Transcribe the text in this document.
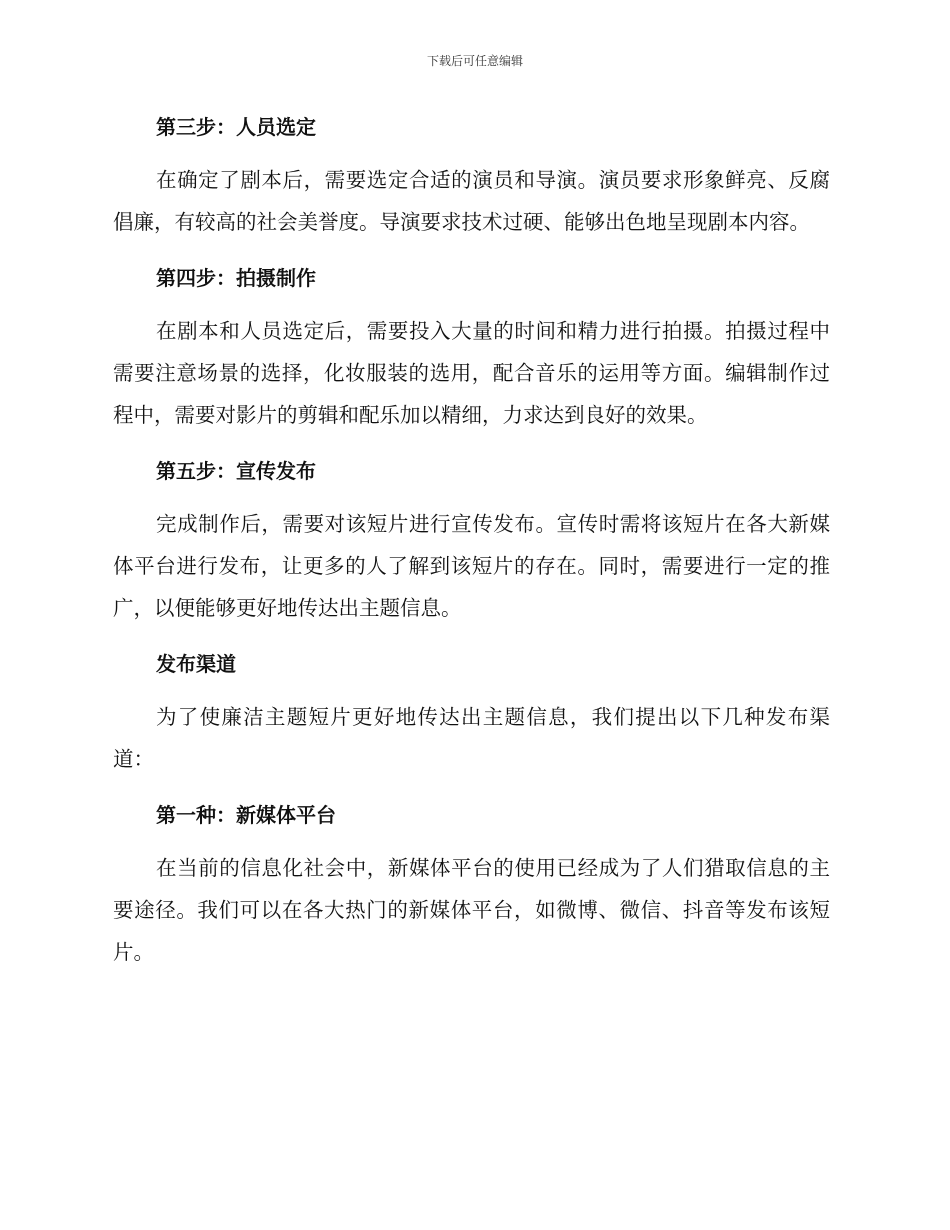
下载后可任意编辑
第三步：人员选定

在确定了剧本后，需要选定合适的演员和导演。演员要求形象鲜亮、反腐倡廉，有较高的社会美誉度。导演要求技术过硬、能够出色地呈现剧本内容。

第四步：拍摄制作

在剧本和人员选定后，需要投入大量的时间和精力进行拍摄。拍摄过程中需要注意场景的选择，化妆服装的选用，配合音乐的运用等方面。编辑制作过程中，需要对影片的剪辑和配乐加以精细，力求达到良好的效果。

第五步：宣传发布

完成制作后，需要对该短片进行宣传发布。宣传时需将该短片在各大新媒体平台进行发布，让更多的人了解到该短片的存在。同时，需要进行一定的推广，以便能够更好地传达出主题信息。

发布渠道

为了使廉洁主题短片更好地传达出主题信息，我们提出以下几种发布渠道：

第一种：新媒体平台

在当前的信息化社会中，新媒体平台的使用已经成为了人们猎取信息的主要途径。我们可以在各大热门的新媒体平台，如微博、微信、抖音等发布该短片。
